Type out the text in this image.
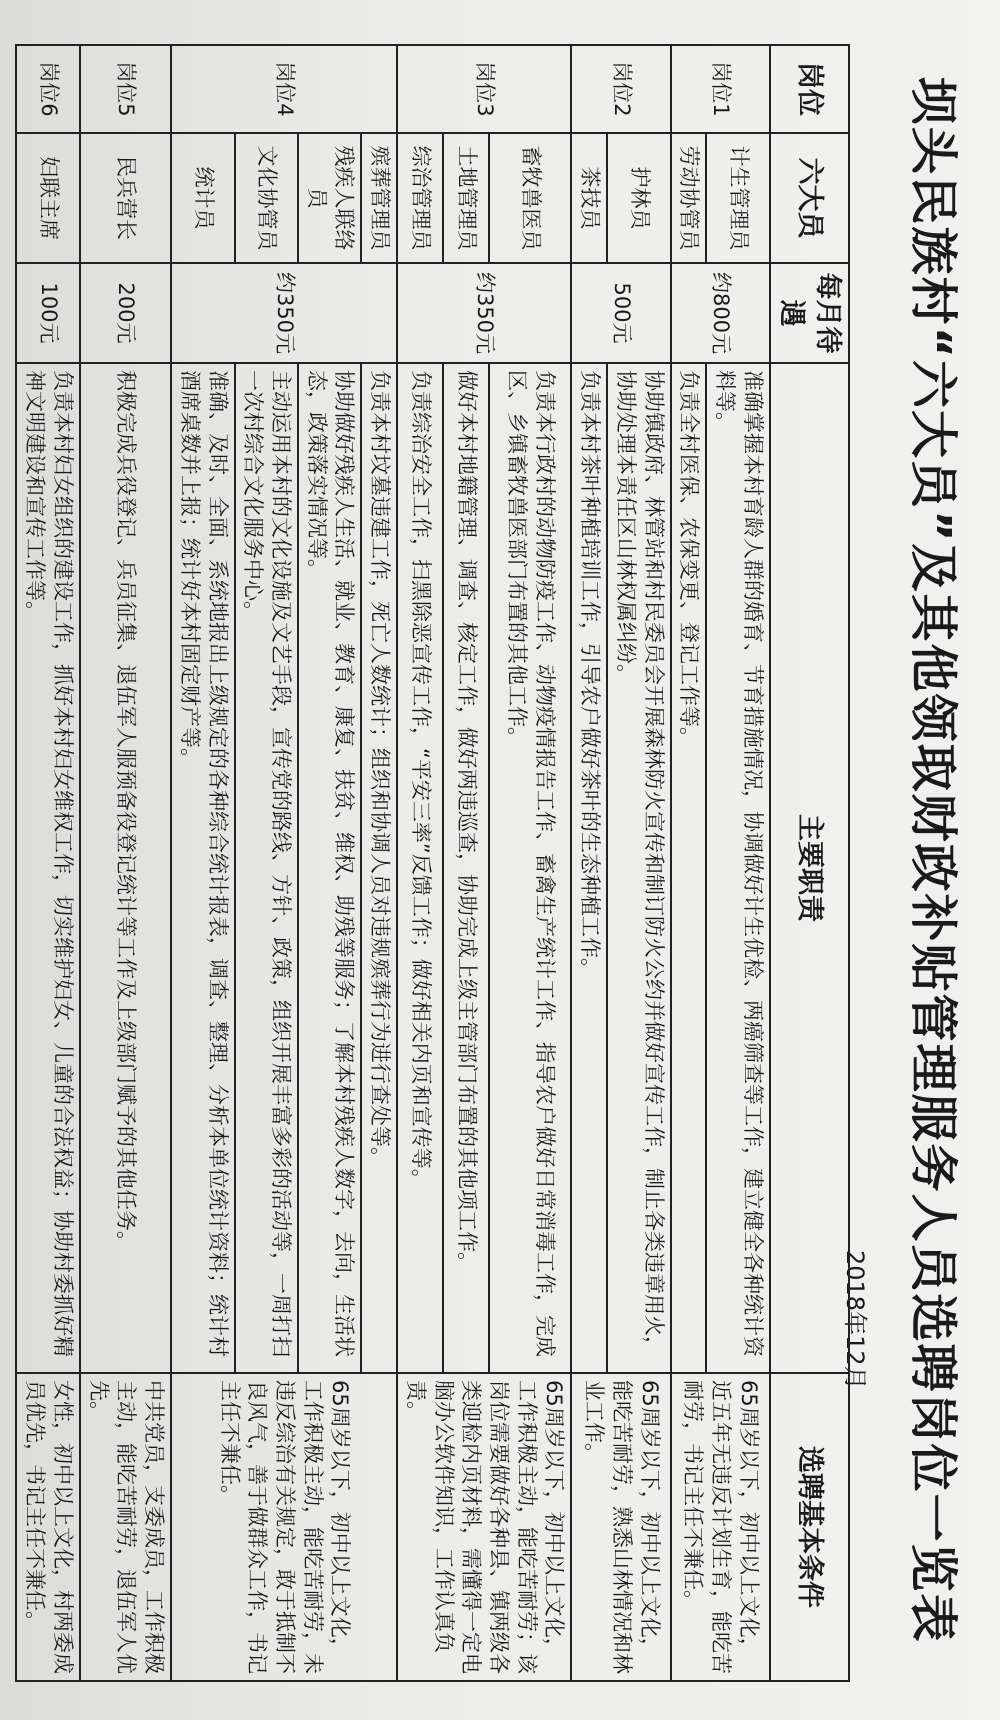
坝头民族村“六大员”及其他领取财政补贴管理服务人员选聘岗位一览表
2018年12月
岗位	六大员	每月待遇	主要职责	选聘基本条件
岗位1	计生管理员	约800元	准确掌握本村育龄人群的婚育、节育措施情况，协调做好计生优检、两癌筛查等工作，建立健全各种统计资料等。	65周岁以下，初中以上文化，近五年无违反计划生育，能吃苦耐劳，书记主任不兼任。
	劳动协管员		负责全村医保、农保变更、登记工作等。	
岗位2	护林员	500元	协助镇政府、林管站和村民委员会开展森林防火宣传和制订防火公约并做好宣传工作，制止各类违章用火，协助处理本责任区山林权属纠纷。	65周岁以下，初中以上文化，能吃苦耐劳，熟悉山林情况和林业工作。
	茶技员		负责本村茶叶种植培训工作，引导农户做好茶叶的生态种植工作。	
岗位3	畜牧兽医员	约350元	负责本行政村的动物防疫工作、动物疫情报告工作、畜禽生产统计工作、指导农户做好日常消毒工作，完成区、乡镇畜牧兽医部门布置的其他工作。	65周岁以下，初中以上文化，工作积极主动，能吃苦耐劳；该岗位需要做好各种县、镇两级各类迎检内页材料，需懂得一定电脑办公软件知识，工作认真负责。
	土地管理员		做好本村地籍管理、调查、核定工作，做好两违巡查，协助完成上级主管部门布置的其他项工作。	
	综治管理员		负责综治安全工作，扫黑除恶宣传工作，“平安三率”反馈工作；做好相关内页和宣传等。	
岗位4	殡葬管理员	约350元	负责本村坟墓违建工作，死亡人数统计；组织和协调人员对违规殡葬行为进行查处等。	65周岁以下，初中以上文化，工作积极主动，能吃苦耐劳，未违反综治有关规定，敢于抵制不良风气，善于做群众工作，书记主任不兼任。
	残疾人联络员		协助做好残疾人生活、就业、教育、康复、扶贫、维权、助残等服务；了解本村残疾人数字，去向，生活状态，政策落实情况等。	
	文化协管员		主动运用本村的文化设施及文艺手段，宣传党的路线、方针、政策，组织开展丰富多彩的活动等，一周打扫一次村综合文化服务中心。	
	统计员		准确、及时、全面、系统地报出上级规定的各种综合统计报表，调查、整理、分析本单位统计资料；统计村酒席桌数并上报；统计好本村固定财产等。	
岗位5	民兵营长	200元	积极完成兵役登记、兵员征集、退伍军人服预备役登记统计等工作及上级部门赋予的其他任务。	中共党员，支委成员，工作积极主动，能吃苦耐劳，退伍军人优先。
岗位6	妇联主席	100元	负责本村妇女组织的建设工作，抓好本村妇女维权工作，切实维护妇女、儿童的合法权益；协助村委抓好精神文明建设和宣传工作等。	女性，初中以上文化，村两委成员优先，书记主任不兼任。
